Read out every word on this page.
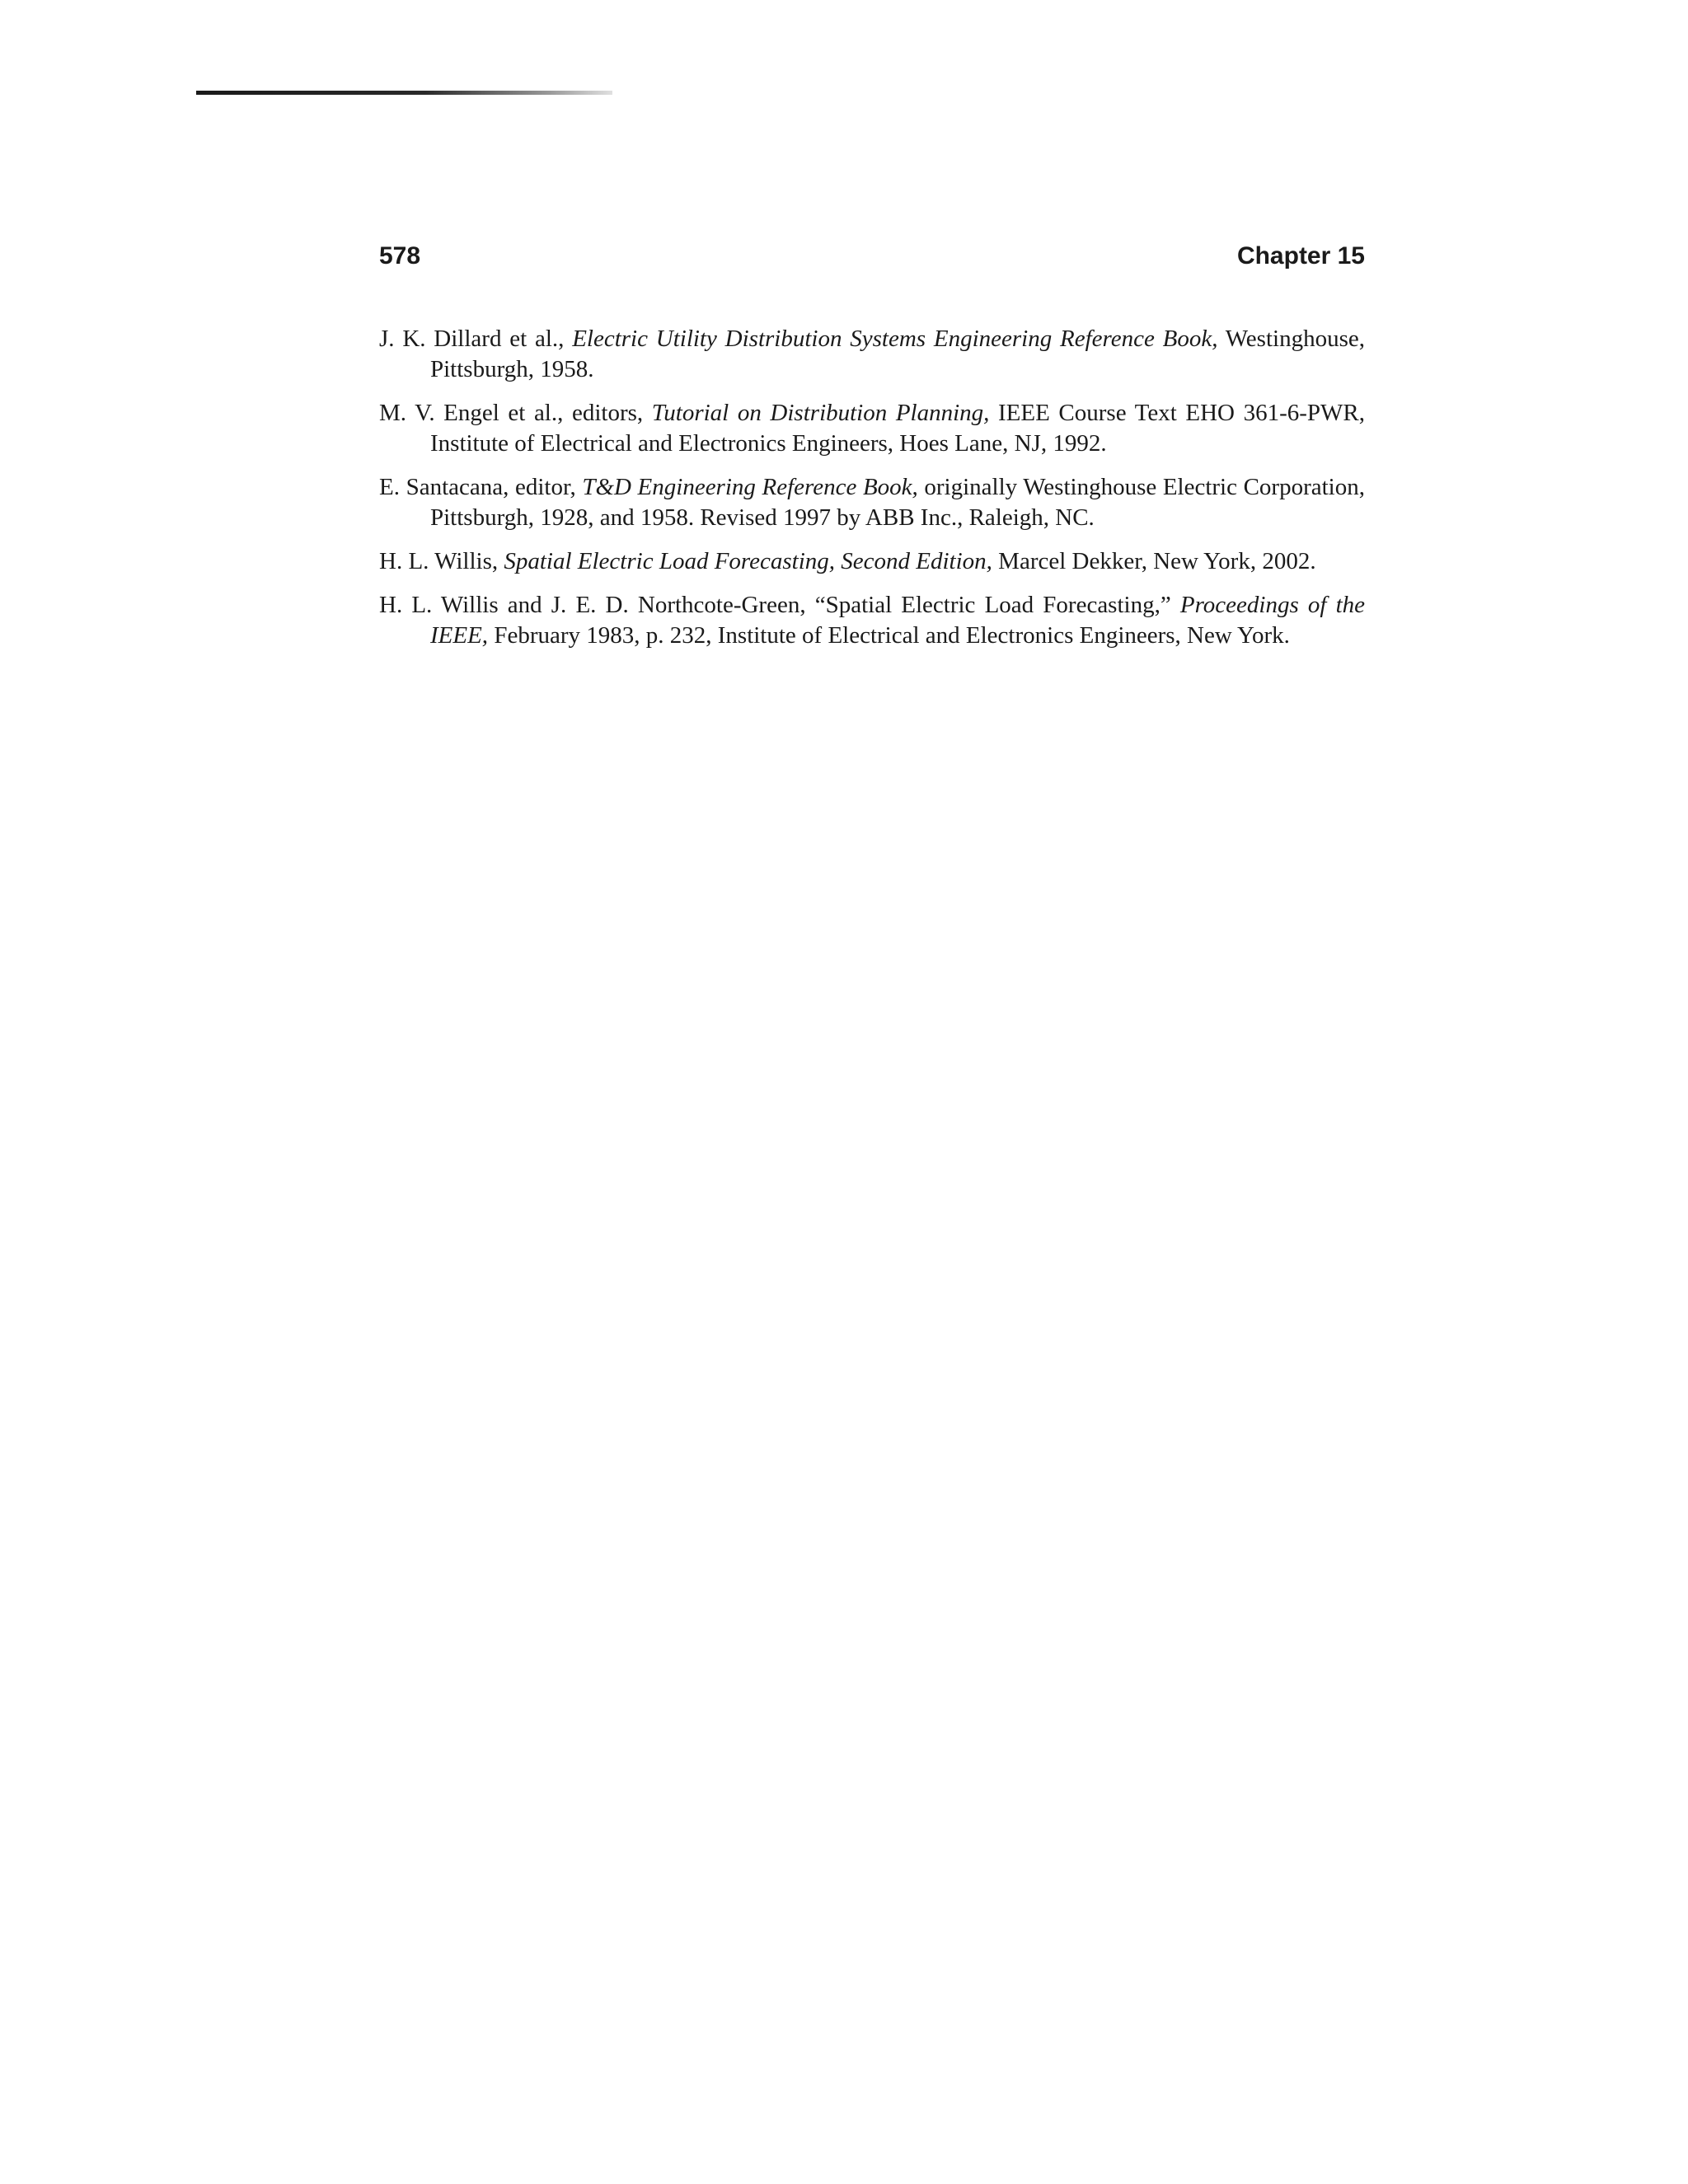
578	Chapter 15
J. K. Dillard et al., Electric Utility Distribution Systems Engineering Reference Book, Westinghouse, Pittsburgh, 1958.
M. V. Engel et al., editors, Tutorial on Distribution Planning, IEEE Course Text EHO 361-6-PWR, Institute of Electrical and Electronics Engineers, Hoes Lane, NJ, 1992.
E. Santacana, editor, T&D Engineering Reference Book, originally Westinghouse Electric Corporation, Pittsburgh, 1928, and 1958. Revised 1997 by ABB Inc., Raleigh, NC.
H. L. Willis, Spatial Electric Load Forecasting, Second Edition, Marcel Dekker, New York, 2002.
H. L. Willis and J. E. D. Northcote-Green, “Spatial Electric Load Forecasting,” Proceedings of the IEEE, February 1983, p. 232, Institute of Electrical and Electronics Engineers, New York.
